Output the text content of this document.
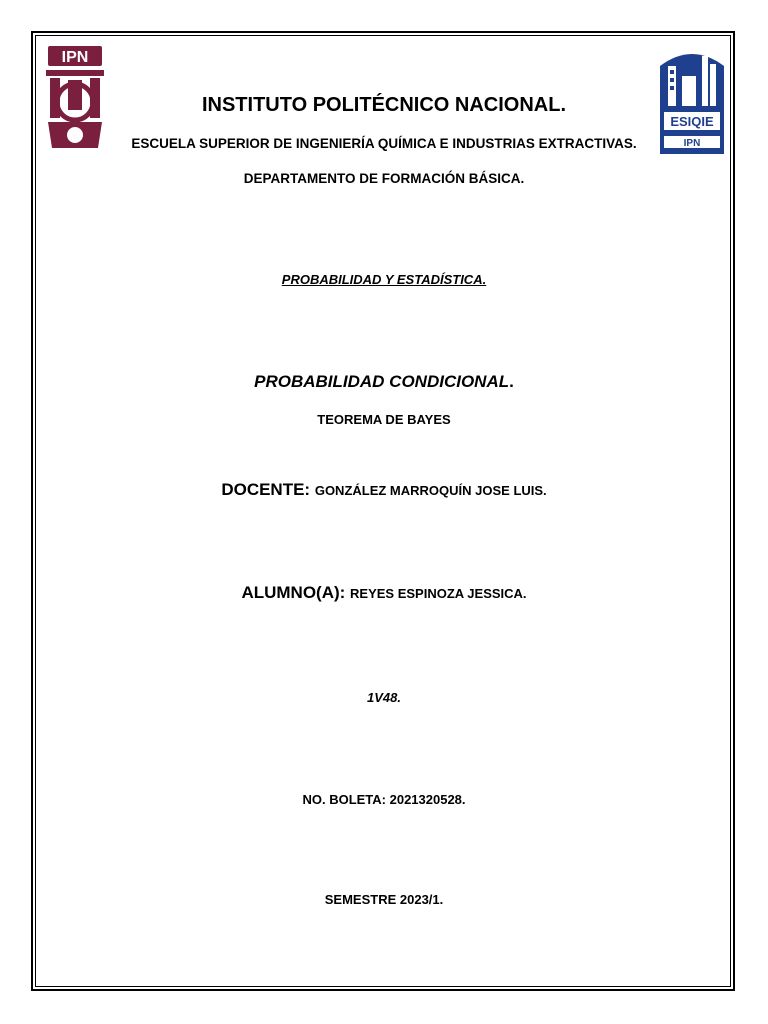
IPN
ESIQIE
IPN
INSTITUTO POLITÉCNICO NACIONAL.
ESCUELA SUPERIOR DE INGENIERÍA QUÍMICA E INDUSTRIAS EXTRACTIVAS.
DEPARTAMENTO DE FORMACIÓN BÁSICA.
PROBABILIDAD Y ESTADÍSTICA.
PROBABILIDAD CONDICIONAL.
TEOREMA DE BAYES
DOCENTE: GONZÁLEZ MARROQUÍN JOSE LUIS.
ALUMNO(A): REYES ESPINOZA JESSICA.
1V48.
NO. BOLETA: 2021320528.
SEMESTRE 2023/1.
